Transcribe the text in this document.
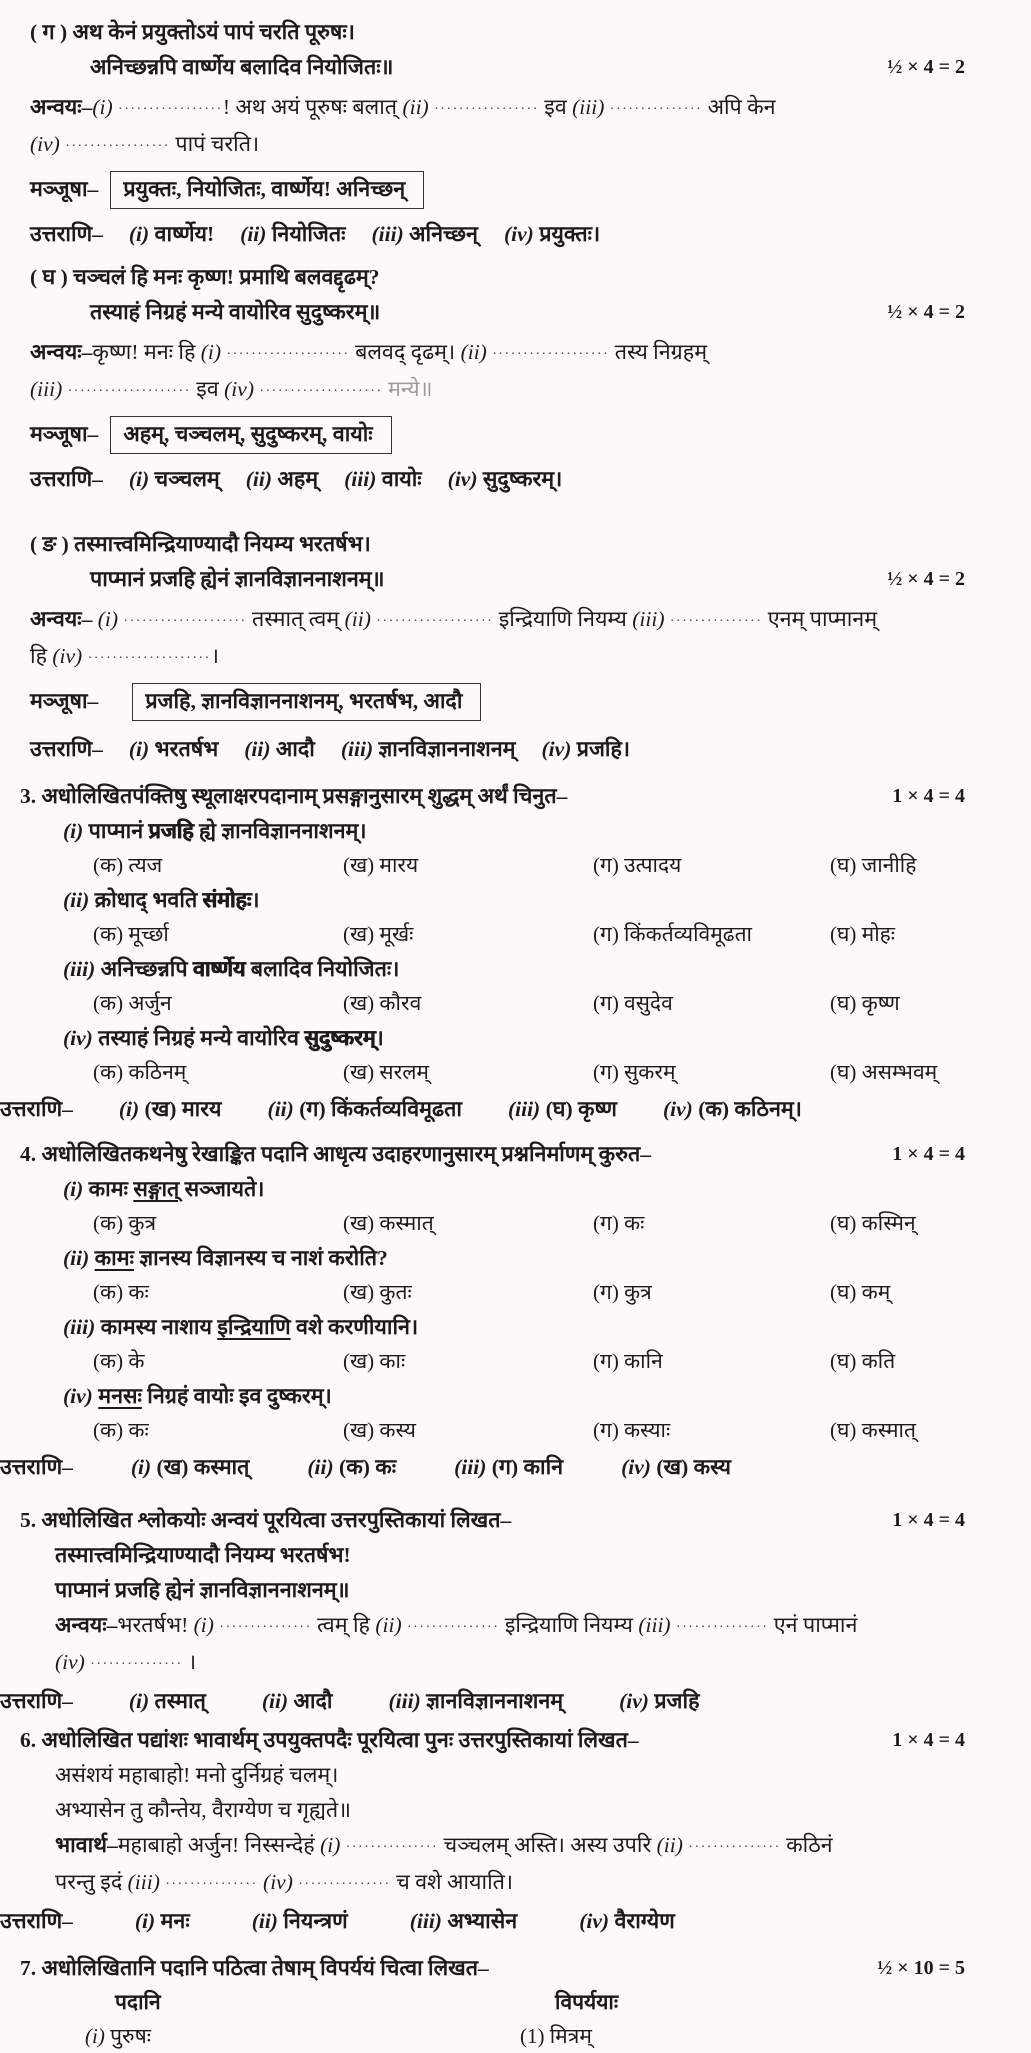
( ग ) अथ केनं प्रयुक्तोऽयं पापं चरति पूरुषः।
अनिच्छन्नपि वार्ष्णेय बलादिव नियोजितः॥	½ × 4 = 2
अन्वयः–(i) ·················! अथ अयं पूरुषः बलात् (ii) ················· इव (iii) ··············· अपि केन
(iv) ················· पापं चरति।
मञ्जूषा– प्रयुक्तः, नियोजितः, वार्ष्णेय! अनिच्छन्
उत्तराणि– (i) वार्ष्णेय! (ii) नियोजितः (iii) अनिच्छन् (iv) प्रयुक्तः।
( घ ) चञ्चलं हि मनः कृष्ण! प्रमाथि बलवद्दृढम्?
तस्याहं निग्रहं मन्ये वायोरिव सुदुष्करम्॥	½ × 4 = 2
अन्वयः–कृष्ण! मनः हि (i) ···················· बलवद् दृढम्। (ii) ··················· तस्य निग्रहम्
(iii) ···················· इव (iv) ···················· मन्ये॥
मञ्जूषा– अहम्, चञ्चलम्, सुदुष्करम्, वायोः
उत्तराणि– (i) चञ्चलम् (ii) अहम् (iii) वायोः (iv) सुदुष्करम्।
( ङ ) तस्मात्त्वमिन्द्रियाण्यादौ नियम्य भरतर्षभ।
पाप्मानं प्रजहि ह्येनं ज्ञानविज्ञाननाशनम्॥	½ × 4 = 2
अन्वयः– (i) ···················· तस्मात् त्वम् (ii) ··················· इन्द्रियाणि नियम्य (iii) ··············· एनम् पाप्मानम्
हि (iv) ····················।
मञ्जूषा– प्रजहि, ज्ञानविज्ञाननाशनम्, भरतर्षभ, आदौ
उत्तराणि– (i) भरतर्षभ (ii) आदौ (iii) ज्ञानविज्ञाननाशनम् (iv) प्रजहि।
3. अधोलिखितपंक्तिषु स्थूलाक्षरपदानाम् प्रसङ्गानुसारम् शुद्धम् अर्थं चिनुत–	1 × 4 = 4
(i) पाप्मानं प्रजहि ह्ये ज्ञानविज्ञाननाशनम्।
(क) त्यज	(ख) मारय	(ग) उत्पादय	(घ) जानीहि
(ii) क्रोधाद् भवति संमोहः।
(क) मूर्च्छा	(ख) मूर्खः	(ग) किंकर्तव्यविमूढता	(घ) मोहः
(iii) अनिच्छन्नपि वार्ष्णेय बलादिव नियोजितः।
(क) अर्जुन	(ख) कौरव	(ग) वसुदेव	(घ) कृष्ण
(iv) तस्याहं निग्रहं मन्ये वायोरिव सुदुष्करम्।
(क) कठिनम्	(ख) सरलम्	(ग) सुकरम्	(घ) असम्भवम्
उत्तराणि– (i) (ख) मारय (ii) (ग) किंकर्तव्यविमूढता (iii) (घ) कृष्ण (iv) (क) कठिनम्।
4. अधोलिखितकथनेषु रेखाङ्कित पदानि आधृत्य उदाहरणानुसारम् प्रश्ननिर्माणम् कुरुत–	1 × 4 = 4
(i) कामः सङ्गात् सञ्जायते।
(क) कुत्र	(ख) कस्मात्	(ग) कः	(घ) कस्मिन्
(ii) कामः ज्ञानस्य विज्ञानस्य च नाशं करोति?
(क) कः	(ख) कुतः	(ग) कुत्र	(घ) कम्
(iii) कामस्य नाशाय इन्द्रियाणि वशे करणीयानि।
(क) के	(ख) काः	(ग) कानि	(घ) कति
(iv) मनसः निग्रहं वायोः इव दुष्करम्।
(क) कः	(ख) कस्य	(ग) कस्याः	(घ) कस्मात्
उत्तराणि–	(i) (ख) कस्मात्	(ii) (क) कः	(iii) (ग) कानि	(iv) (ख) कस्य
5. अधोलिखित श्लोकयोः अन्वयं पूरयित्वा उत्तरपुस्तिकायां लिखत–	1 × 4 = 4
तस्मात्त्वमिन्द्रियाण्यादौ नियम्य भरतर्षभ!
पाप्मानं प्रजहि ह्येनं ज्ञानविज्ञाननाशनम्॥
अन्वयः–भरतर्षभ! (i) ··············· त्वम् हि (ii) ··············· इन्द्रियाणि नियम्य (iii) ··············· एनं पाप्मानं
(iv) ··············· ।
उत्तराणि–	(i) तस्मात्	(ii) आदौ	(iii) ज्ञानविज्ञाननाशनम्	(iv) प्रजहि
6. अधोलिखित पद्यांशः भावार्थम् उपयुक्तपदैः पूरयित्वा पुनः उत्तरपुस्तिकायां लिखत–	1 × 4 = 4
असंशयं महाबाहो! मनो दुर्निग्रहं चलम्।
अभ्यासेन तु कौन्तेय, वैराग्येण च गृह्यते॥
भावार्थ–महाबाहो अर्जुन! निस्सन्देहं (i) ··············· चञ्चलम् अस्ति। अस्य उपरि (ii) ··············· कठिनं
परन्तु इदं (iii) ··············· (iv) ··············· च वशे आयाति।
उत्तराणि–	(i) मनः	(ii) नियन्त्रणं	(iii) अभ्यासेन	(iv) वैराग्येण
7. अधोलिखितानि पदानि पठित्वा तेषाम् विपर्ययं चित्वा लिखत–	½ × 10 = 5
पदानि	विपर्ययाः
(i) पुरुषः	(1) मित्रम्
